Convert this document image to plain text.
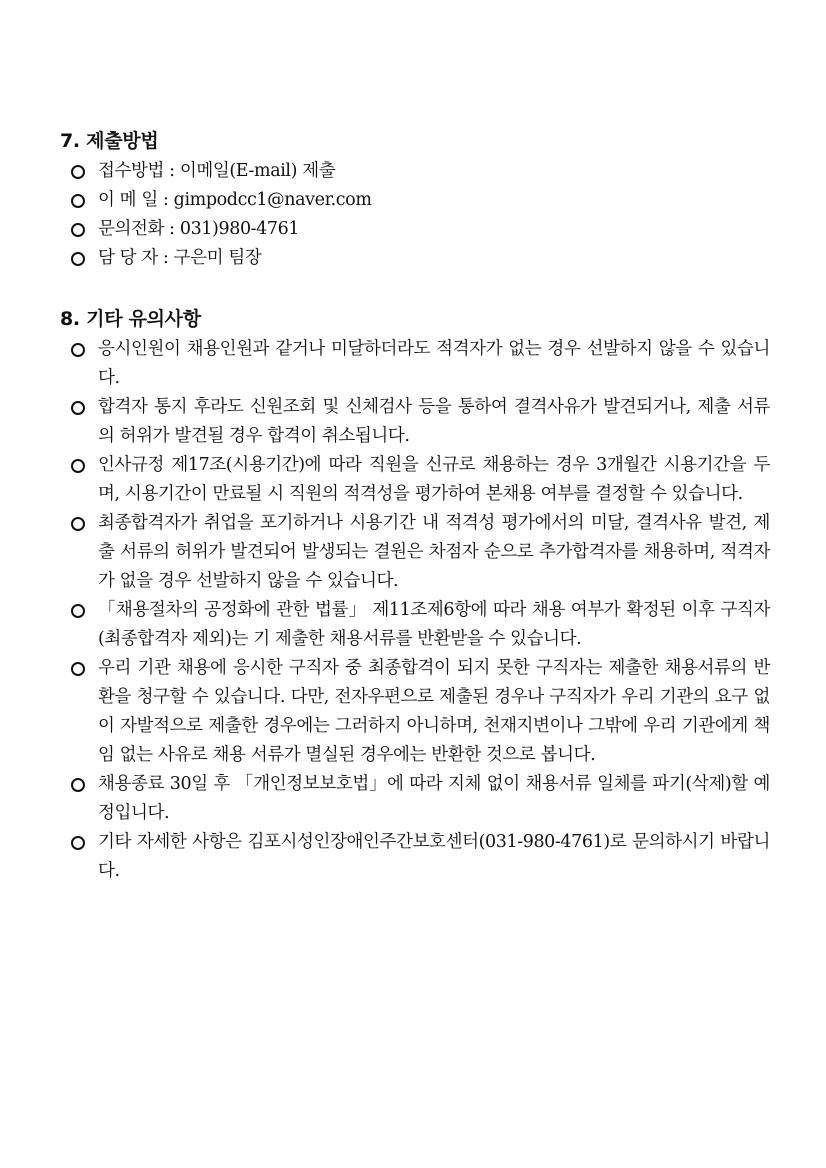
7. 제출방법
접수방법 : 이메일(E-mail) 제출
이 메 일 : gimpodcc1@naver.com
문의전화 : 031)980-4761
담 당 자 : 구은미 팀장
8. 기타 유의사항
응시인원이 채용인원과 같거나 미달하더라도 적격자가 없는 경우 선발하지 않을 수 있습니다.
합격자 통지 후라도 신원조회 및 신체검사 등을 통하여 결격사유가 발견되거나, 제출 서류의 허위가 발견될 경우 합격이 취소됩니다.
인사규정 제17조(시용기간)에 따라 직원을 신규로 채용하는 경우 3개월간 시용기간을 두며, 시용기간이 만료될 시 직원의 적격성을 평가하여 본채용 여부를 결정할 수 있습니다.
최종합격자가 취업을 포기하거나 시용기간 내 적격성 평가에서의 미달, 결격사유 발견, 제출 서류의 허위가 발견되어 발생되는 결원은 차점자 순으로 추가합격자를 채용하며, 적격자가 없을 경우 선발하지 않을 수 있습니다.
「채용절차의 공정화에 관한 법률」 제11조제6항에 따라 채용 여부가 확정된 이후 구직자(최종합격자 제외)는 기 제출한 채용서류를 반환받을 수 있습니다.
우리 기관 채용에 응시한 구직자 중 최종합격이 되지 못한 구직자는 제출한 채용서류의 반환을 청구할 수 있습니다. 다만, 전자우편으로 제출된 경우나 구직자가 우리 기관의 요구 없이 자발적으로 제출한 경우에는 그러하지 아니하며, 천재지변이나 그밖에 우리 기관에게 책임 없는 사유로 채용 서류가 멸실된 경우에는 반환한 것으로 봅니다.
채용종료 30일 후 「개인정보보호법」에 따라 지체 없이 채용서류 일체를 파기(삭제)할 예정입니다.
기타 자세한 사항은 김포시성인장애인주간보호센터(031-980-4761)로 문의하시기 바랍니다.
